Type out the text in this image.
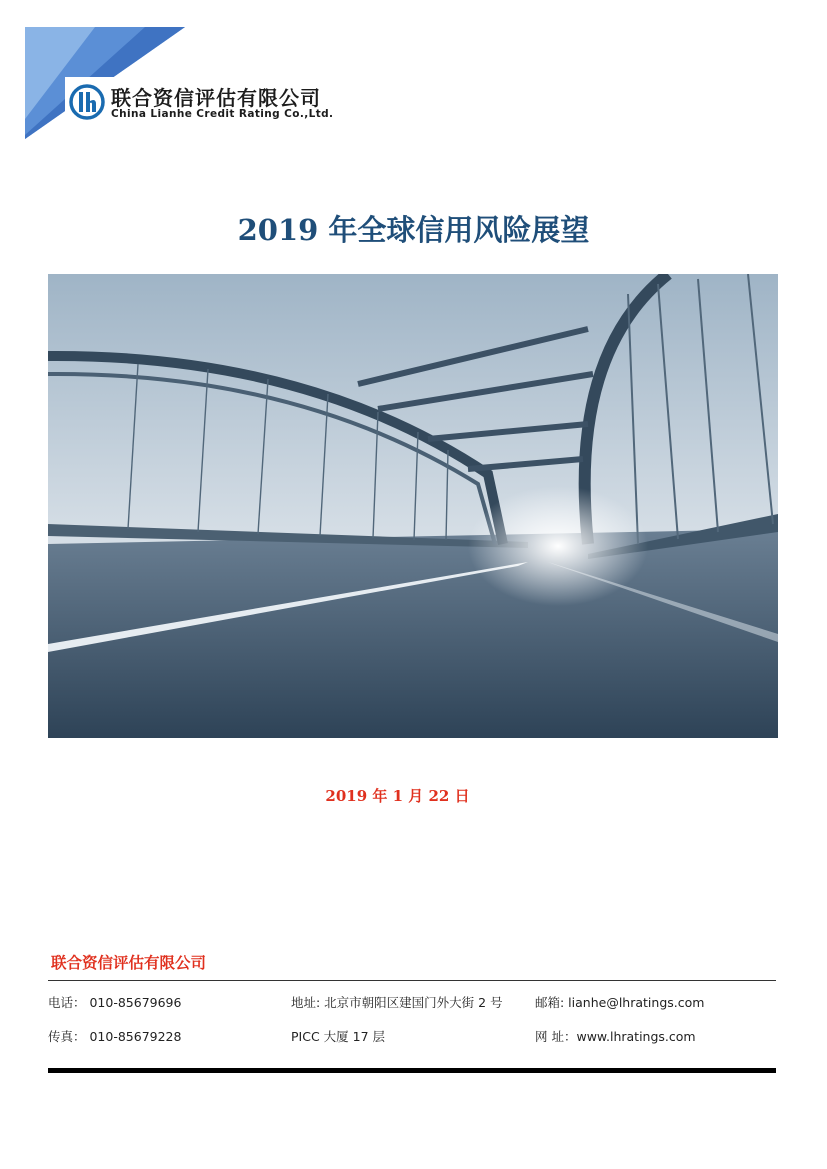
联合资信评估有限公司
China Lianhe Credit Rating Co.,Ltd.
2019 年全球信用风险展望
2019 年 1 月 22 日
联合资信评估有限公司
电话： 010-85679696
传真： 010-85679228
地址: 北京市朝阳区建国门外大街 2 号
PICC 大厦 17 层
邮箱: lianhe@lhratings.com
网 址：www.lhratings.com
